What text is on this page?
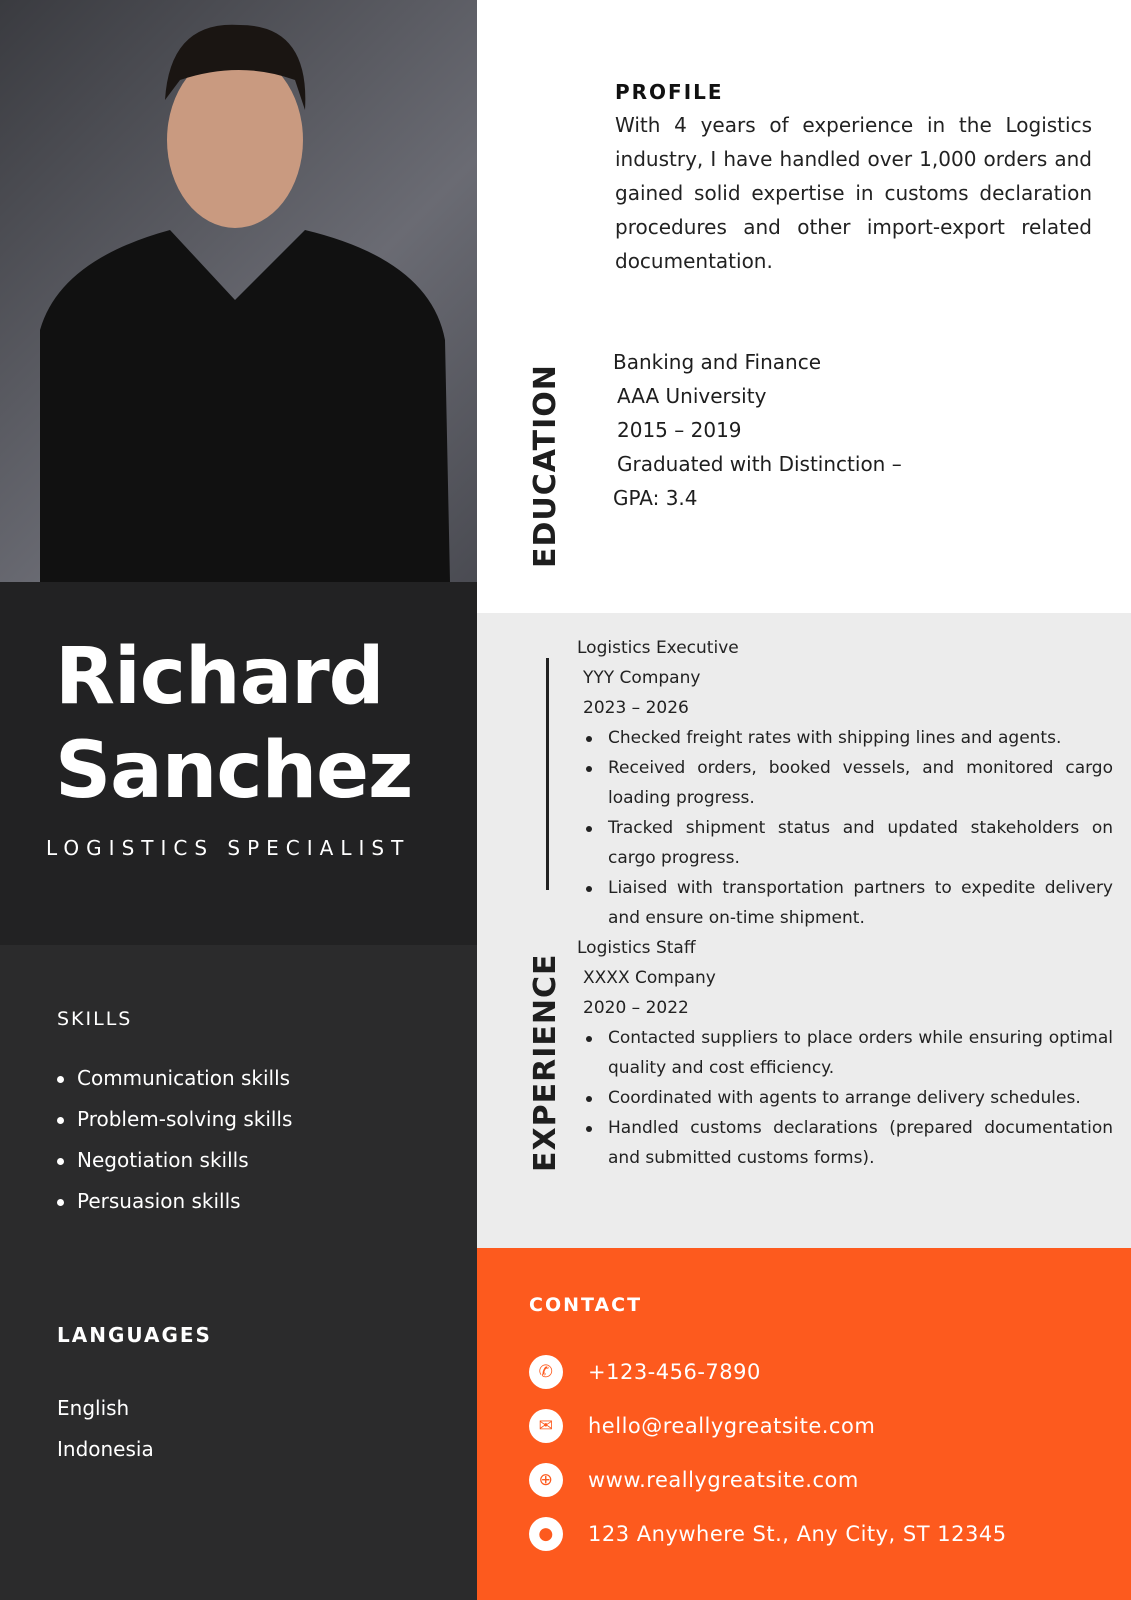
Richard
Sanchez
LOGISTICS SPECIALIST
SKILLS
Communication skills
Problem-solving skills
Negotiation skills
Persuasion skills
LANGUAGES
English
Indonesia
PROFILE

With 4 years of experience in the Logistics industry, I have handled over 1,000 orders and gained solid expertise in customs declaration procedures and other import-export related documentation.

EDUCATION
Banking and Finance
AAA University
2015 – 2019
Graduated with Distinction –
GPA: 3.4
EXPERIENCE
Logistics Executive
YYY Company
2023 – 2026
Checked freight rates with shipping lines and agents.
Received orders, booked vessels, and monitored cargo loading progress.
Tracked shipment status and updated stakeholders on cargo progress.
Liaised with transportation partners to expedite delivery and ensure on-time shipment.
Logistics Staff
XXXX Company
2020 – 2022
Contacted suppliers to place orders while ensuring optimal quality and cost efficiency.
Coordinated with agents to arrange delivery schedules.
Handled customs declarations (prepared documentation and submitted customs forms).
CONTACT
✆	+123-456-7890
✉	hello@reallygreatsite.com
⊕	www.reallygreatsite.com
●	123 Anywhere St., Any City, ST 12345
